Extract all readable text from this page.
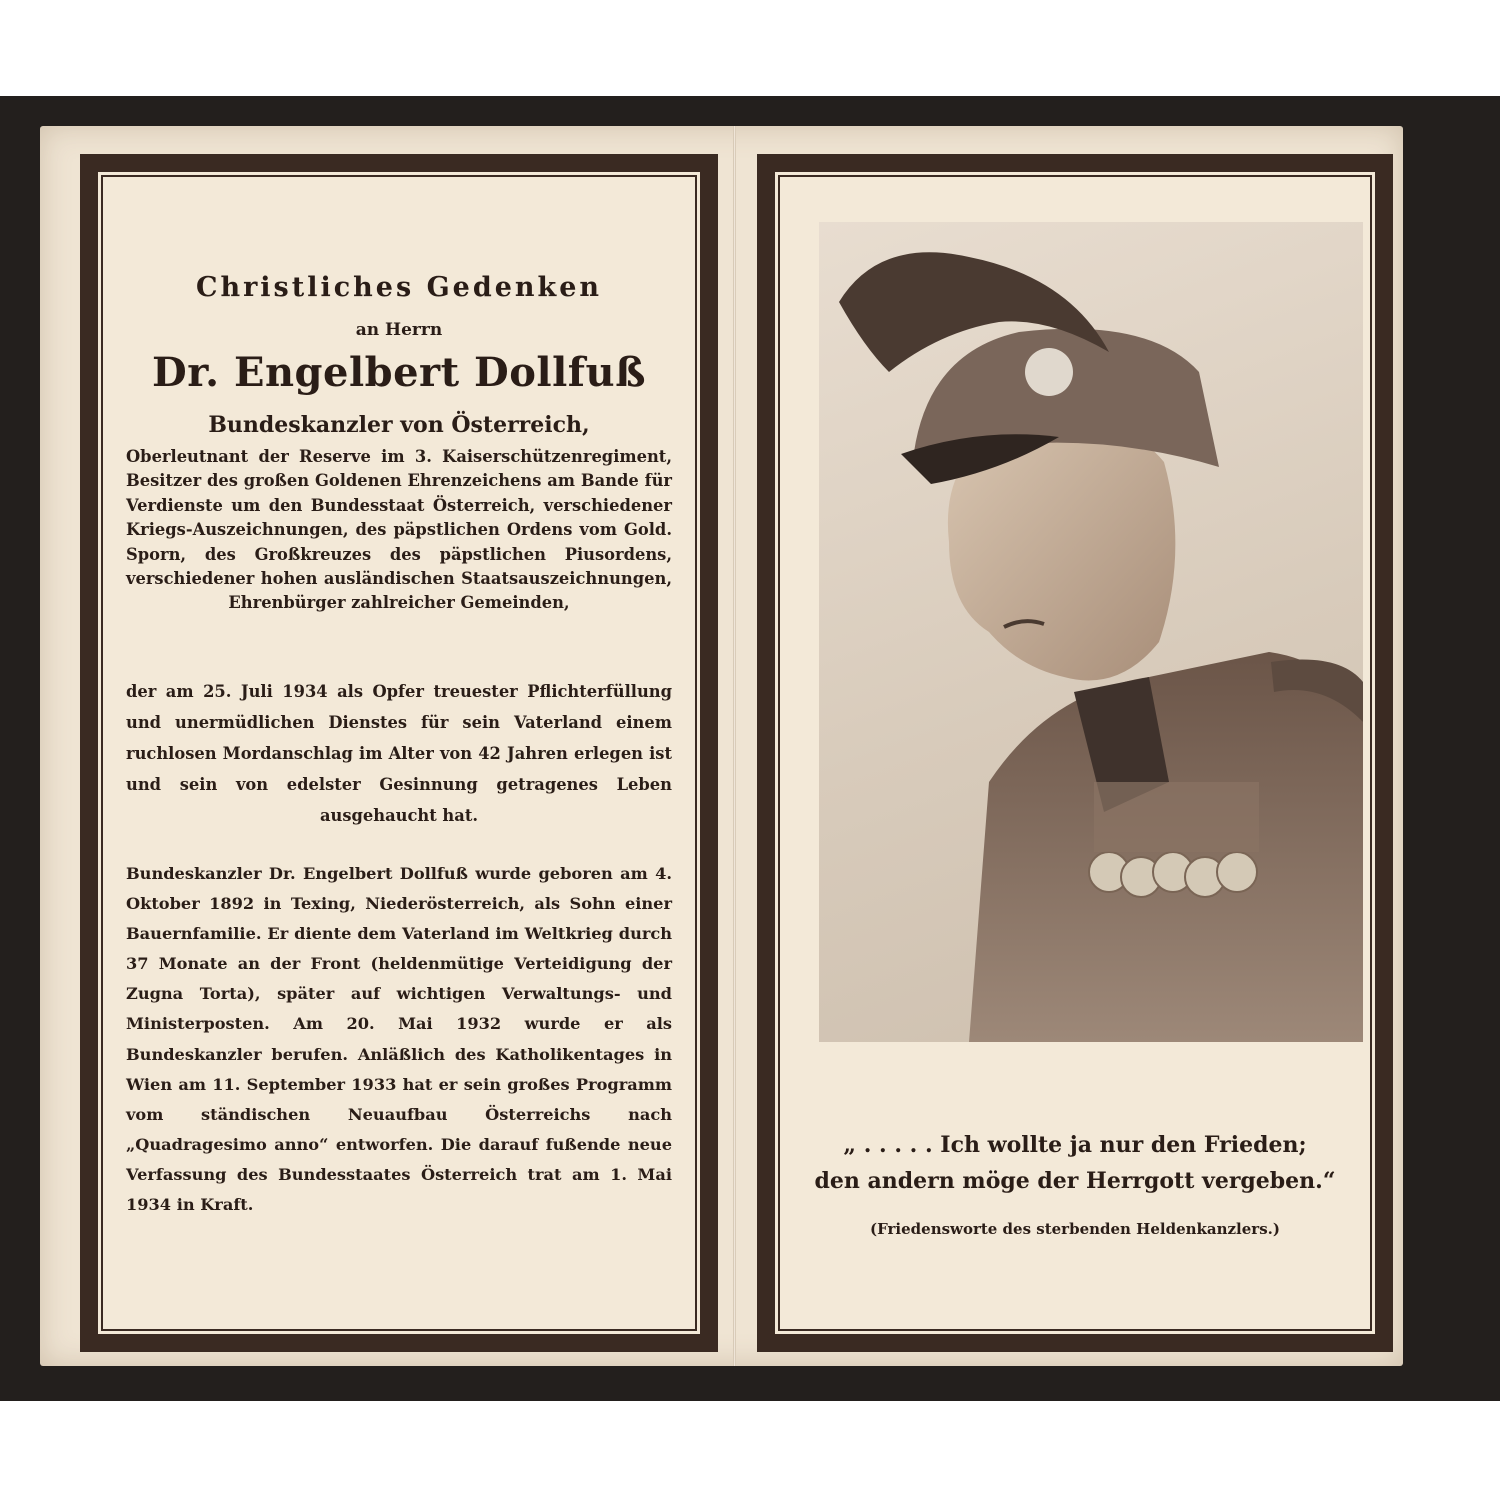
Christliches Gedenken
an Herrn
Dr. Engelbert Dollfuß
Bundeskanzler von Österreich,
Oberleutnant der Reserve im 3. Kaiserschützenregiment, Besitzer des großen Goldenen Ehrenzeichens am Bande für Verdienste um den Bundesstaat Österreich, verschiedener Kriegs-Auszeichnungen, des päpstlichen Ordens vom Gold. Sporn, des Großkreuzes des päpstlichen Piusordens, verschiedener hohen ausländischen Staatsauszeichnungen, Ehrenbürger zahlreicher Gemeinden,
der am 25. Juli 1934 als Opfer treuester Pflichterfüllung und unermüdlichen Dienstes für sein Vaterland einem ruchlosen Mordanschlag im Alter von 42 Jahren erlegen ist und sein von edelster Gesinnung getragenes Leben ausgehaucht hat.
Bundeskanzler Dr. Engelbert Dollfuß wurde geboren am 4. Oktober 1892 in Texing, Niederösterreich, als Sohn einer Bauernfamilie. Er diente dem Vaterland im Weltkrieg durch 37 Monate an der Front (heldenmütige Verteidigung der Zugna Torta), später auf wichtigen Verwaltungs- und Ministerposten. Am 20. Mai 1932 wurde er als Bundeskanzler berufen. Anläßlich des Katholikentages in Wien am 11. September 1933 hat er sein großes Programm vom ständischen Neuaufbau Österreichs nach „Quadragesimo anno“ entworfen. Die darauf fußende neue Verfassung des Bundesstaates Österreich trat am 1. Mai 1934 in Kraft.
„ . . . . . Ich wollte ja nur den Frieden;
den andern möge der Herrgott vergeben.“
(Friedensworte des sterbenden Heldenkanzlers.)
